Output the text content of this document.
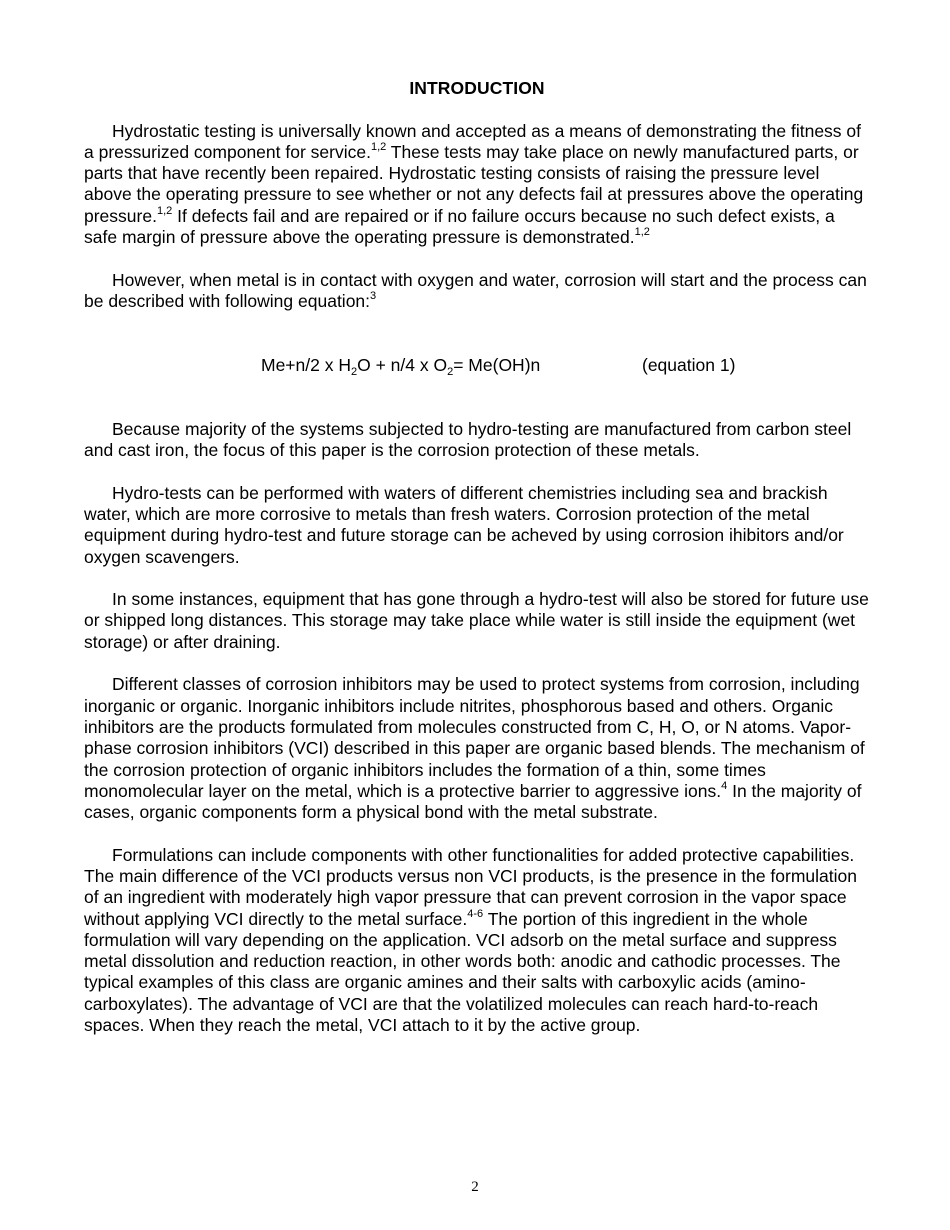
INTRODUCTION

Hydrostatic testing is universally known and accepted as a means of demonstrating the fitness of a pressurized component for service.$^{1,2}$ These tests may take place on newly manufactured parts, or parts that have recently been repaired. Hydrostatic testing consists of raising the pressure level above the operating pressure to see whether or not any defects fail at pressures above the operating pressure.$^{1,2}$ If defects fail and are repaired or if no failure occurs because no such defect exists, a safe margin of pressure above the operating pressure is demonstrated.$^{1,2}$

However, when metal is in contact with oxygen and water, corrosion will start and the process can be described with following equation:$^3$

Me+n/2 x $H_2O + n/4$ x $O_2= Me(OH)n$	(equation 1)

Because majority of the systems subjected to hydro-testing are manufactured from carbon steel and cast iron, the focus of this paper is the corrosion protection of these metals.

Hydro-tests can be performed with waters of different chemistries including sea and brackish water, which are more corrosive to metals than fresh waters. Corrosion protection of the metal equipment during hydro-test and future storage can be acheved by using corrosion ihibitors and/or oxygen scavengers.

In some instances, equipment that has gone through a hydro-test will also be stored for future use or shipped long distances. This storage may take place while water is still inside the equipment (wet storage) or after draining.

Different classes of corrosion inhibitors may be used to protect systems from corrosion, including inorganic or organic. Inorganic inhibitors include nitrites, phosphorous based and others. Organic inhibitors are the products formulated from molecules constructed from C, H, O, or N atoms. Vapor-phase corrosion inhibitors (VCI) described in this paper are organic based blends. The mechanism of the corrosion protection of organic inhibitors includes the formation of a thin, some times monomolecular layer on the metal, which is a protective barrier to aggressive ions.$^4$ In the majority of cases, organic components form a physical bond with the metal substrate.

Formulations can include components with other functionalities for added protective capabilities. The main difference of the VCI products versus non VCI products, is the presence in the formulation of an ingredient with moderately high vapor pressure that can prevent corrosion in the vapor space without applying VCI directly to the metal surface.$^{4-6}$ The portion of this ingredient in the whole formulation will vary depending on the application. VCI adsorb on the metal surface and suppress metal dissolution and reduction reaction, in other words both: anodic and cathodic processes. The typical examples of this class are organic amines and their salts with carboxylic acids (amino-carboxylates). The advantage of VCI are that the volatilized molecules can reach hard-to-reach spaces. When they reach the metal, VCI attach to it by the active group.

2
